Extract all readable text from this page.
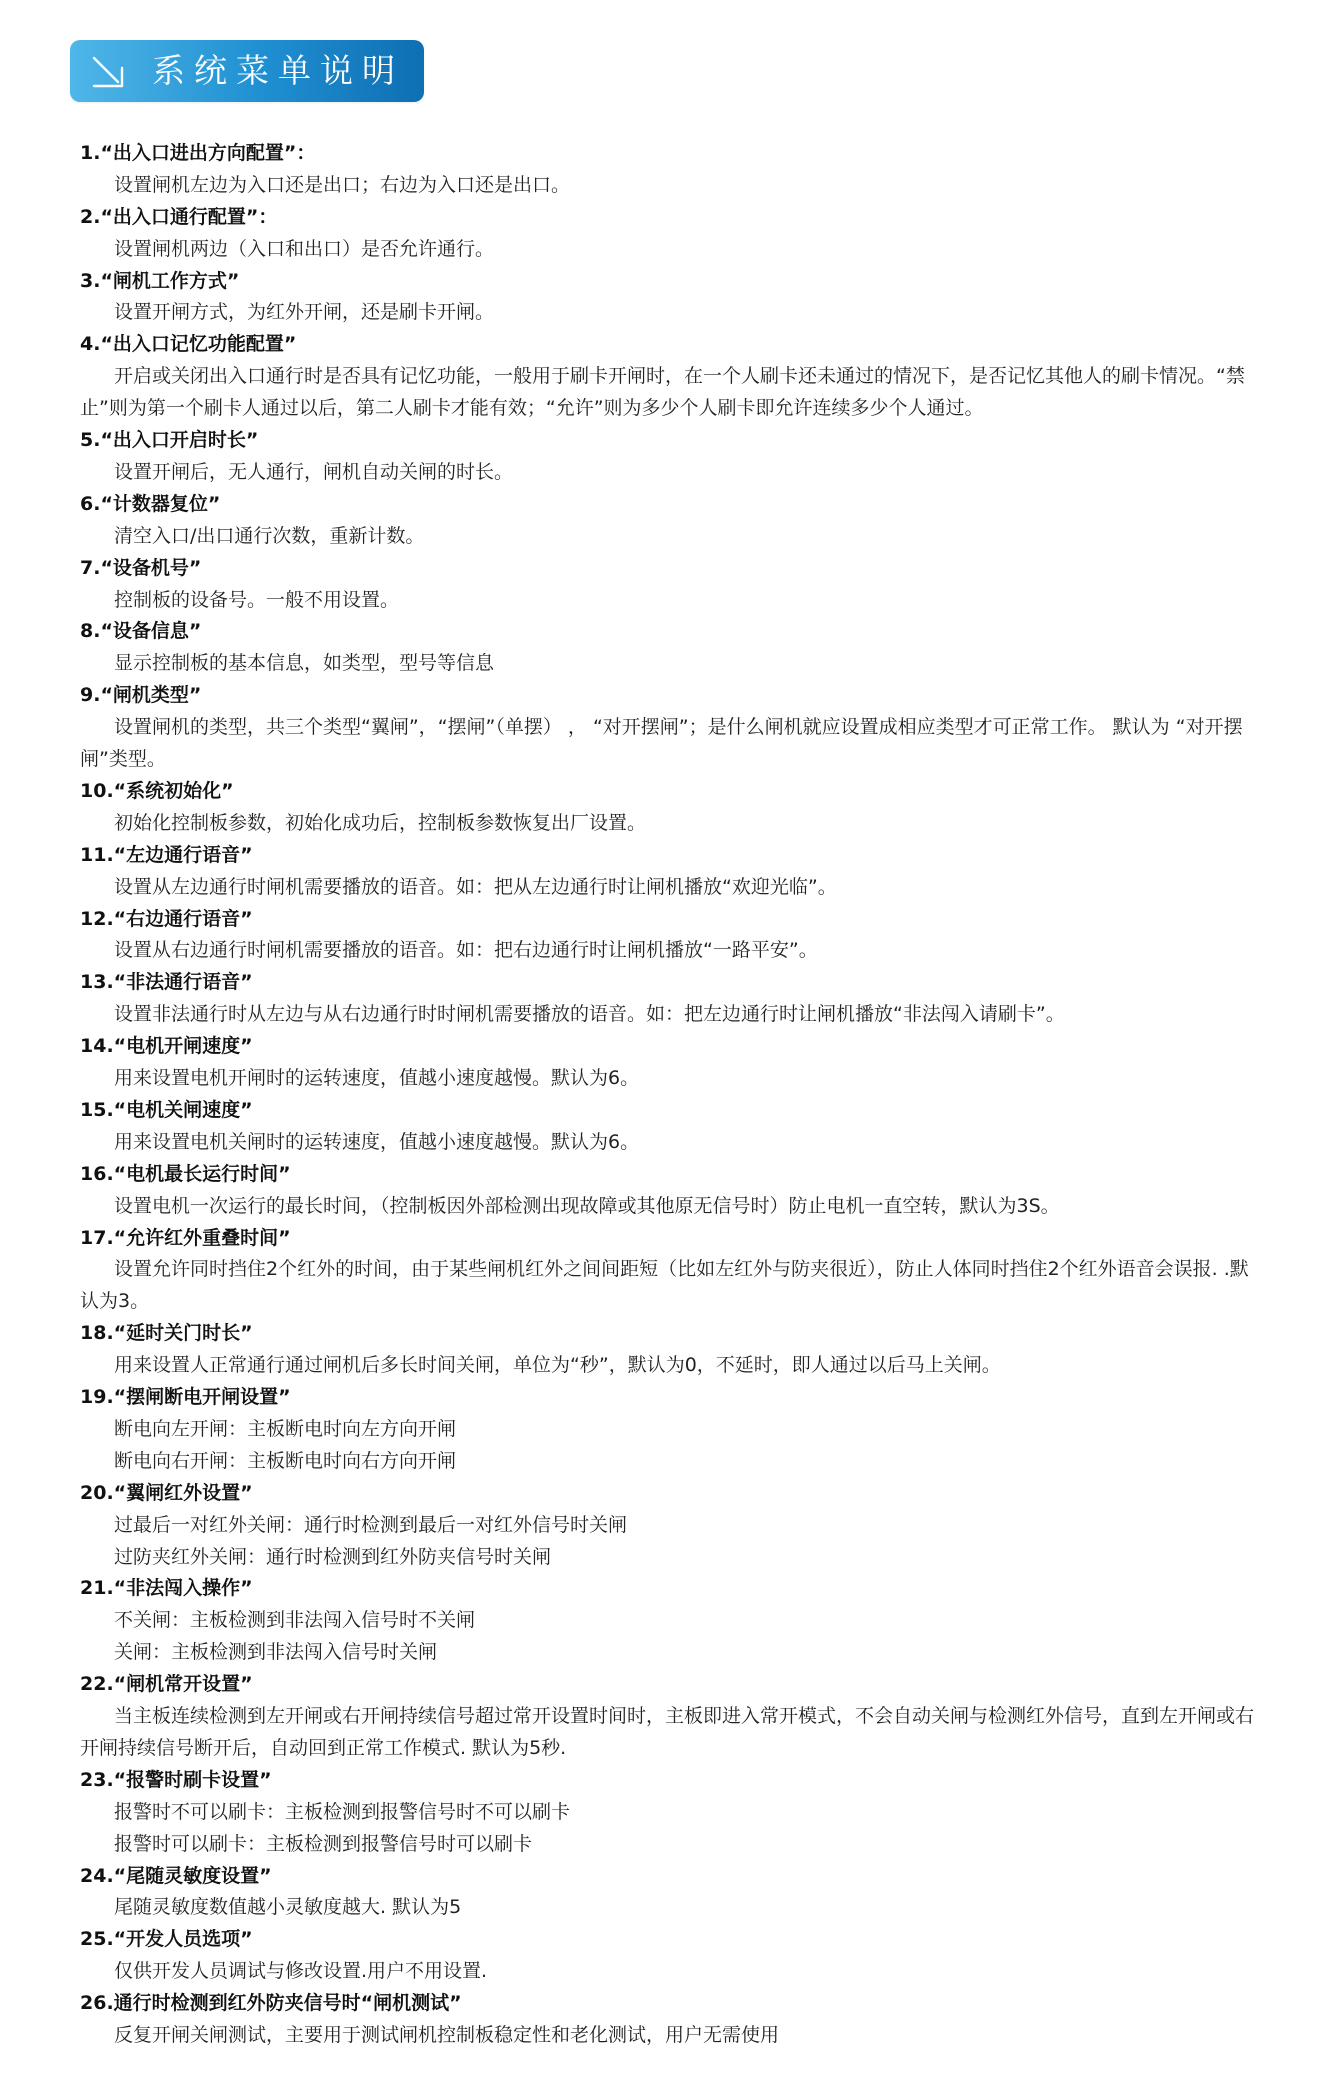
系统菜单说明
1.“出入口进出方向配置”：
设置闸机左边为入口还是出口；右边为入口还是出口。
2.“出入口通行配置”：
设置闸机两边（入口和出口）是否允许通行。
3.“闸机工作方式”
设置开闸方式，为红外开闸，还是刷卡开闸。
4.“出入口记忆功能配置”
开启或关闭出入口通行时是否具有记忆功能，一般用于刷卡开闸时，在一个人刷卡还未通过的情况下，是否记忆其他人的刷卡情况。“禁止”则为第一个刷卡人通过以后，第二人刷卡才能有效；“允许”则为多少个人刷卡即允许连续多少个人通过。
5.“出入口开启时长”
设置开闸后，无人通行，闸机自动关闸的时长。
6.“计数器复位”
清空入口/出口通行次数，重新计数。
7.“设备机号”
控制板的设备号。一般不用设置。
8.“设备信息”
显示控制板的基本信息，如类型，型号等信息
9.“闸机类型”
设置闸机的类型，共三个类型“翼闸”，“摆闸”（单摆） ， “对开摆闸”；是什么闸机就应设置成相应类型才可正常工作。 默认为 “对开摆闸”类型。
10.“系统初始化”
初始化控制板参数，初始化成功后，控制板参数恢复出厂设置。
11.“左边通行语音”
设置从左边通行时闸机需要播放的语音。如：把从左边通行时让闸机播放“欢迎光临”。
12.“右边通行语音”
设置从右边通行时闸机需要播放的语音。如：把右边通行时让闸机播放“一路平安”。
13.“非法通行语音”
设置非法通行时从左边与从右边通行时时闸机需要播放的语音。如：把左边通行时让闸机播放“非法闯入请刷卡”。
14.“电机开闸速度”
用来设置电机开闸时的运转速度，值越小速度越慢。默认为6。
15.“电机关闸速度”
用来设置电机关闸时的运转速度，值越小速度越慢。默认为6。
16.“电机最长运行时间”
设置电机一次运行的最长时间，（控制板因外部检测出现故障或其他原无信号时）防止电机一直空转，默认为3S。
17.“允许红外重叠时间”
设置允许同时挡住2个红外的时间，由于某些闸机红外之间间距短（比如左红外与防夹很近），防止人体同时挡住2个红外语音会误报. .默认为3。
18.“延时关门时长”
用来设置人正常通行通过闸机后多长时间关闸，单位为“秒”，默认为0，不延时，即人通过以后马上关闸。
19.“摆闸断电开闸设置”
断电向左开闸：主板断电时向左方向开闸
断电向右开闸：主板断电时向右方向开闸
20.“翼闸红外设置”
过最后一对红外关闸：通行时检测到最后一对红外信号时关闸
过防夹红外关闸：通行时检测到红外防夹信号时关闸
21.“非法闯入操作”
不关闸：主板检测到非法闯入信号时不关闸
关闸：主板检测到非法闯入信号时关闸
22.“闸机常开设置”
当主板连续检测到左开闸或右开闸持续信号超过常开设置时间时，主板即进入常开模式，不会自动关闸与检测红外信号，直到左开闸或右开闸持续信号断开后，自动回到正常工作模式. 默认为5秒.
23.“报警时刷卡设置”
报警时不可以刷卡：主板检测到报警信号时不可以刷卡
报警时可以刷卡：主板检测到报警信号时可以刷卡
24.“尾随灵敏度设置”
尾随灵敏度数值越小灵敏度越大. 默认为5
25.“开发人员选项”
仅供开发人员调试与修改设置.用户不用设置.
26.通行时检测到红外防夹信号时“闸机测试”
反复开闸关闸测试，主要用于测试闸机控制板稳定性和老化测试，用户无需使用
